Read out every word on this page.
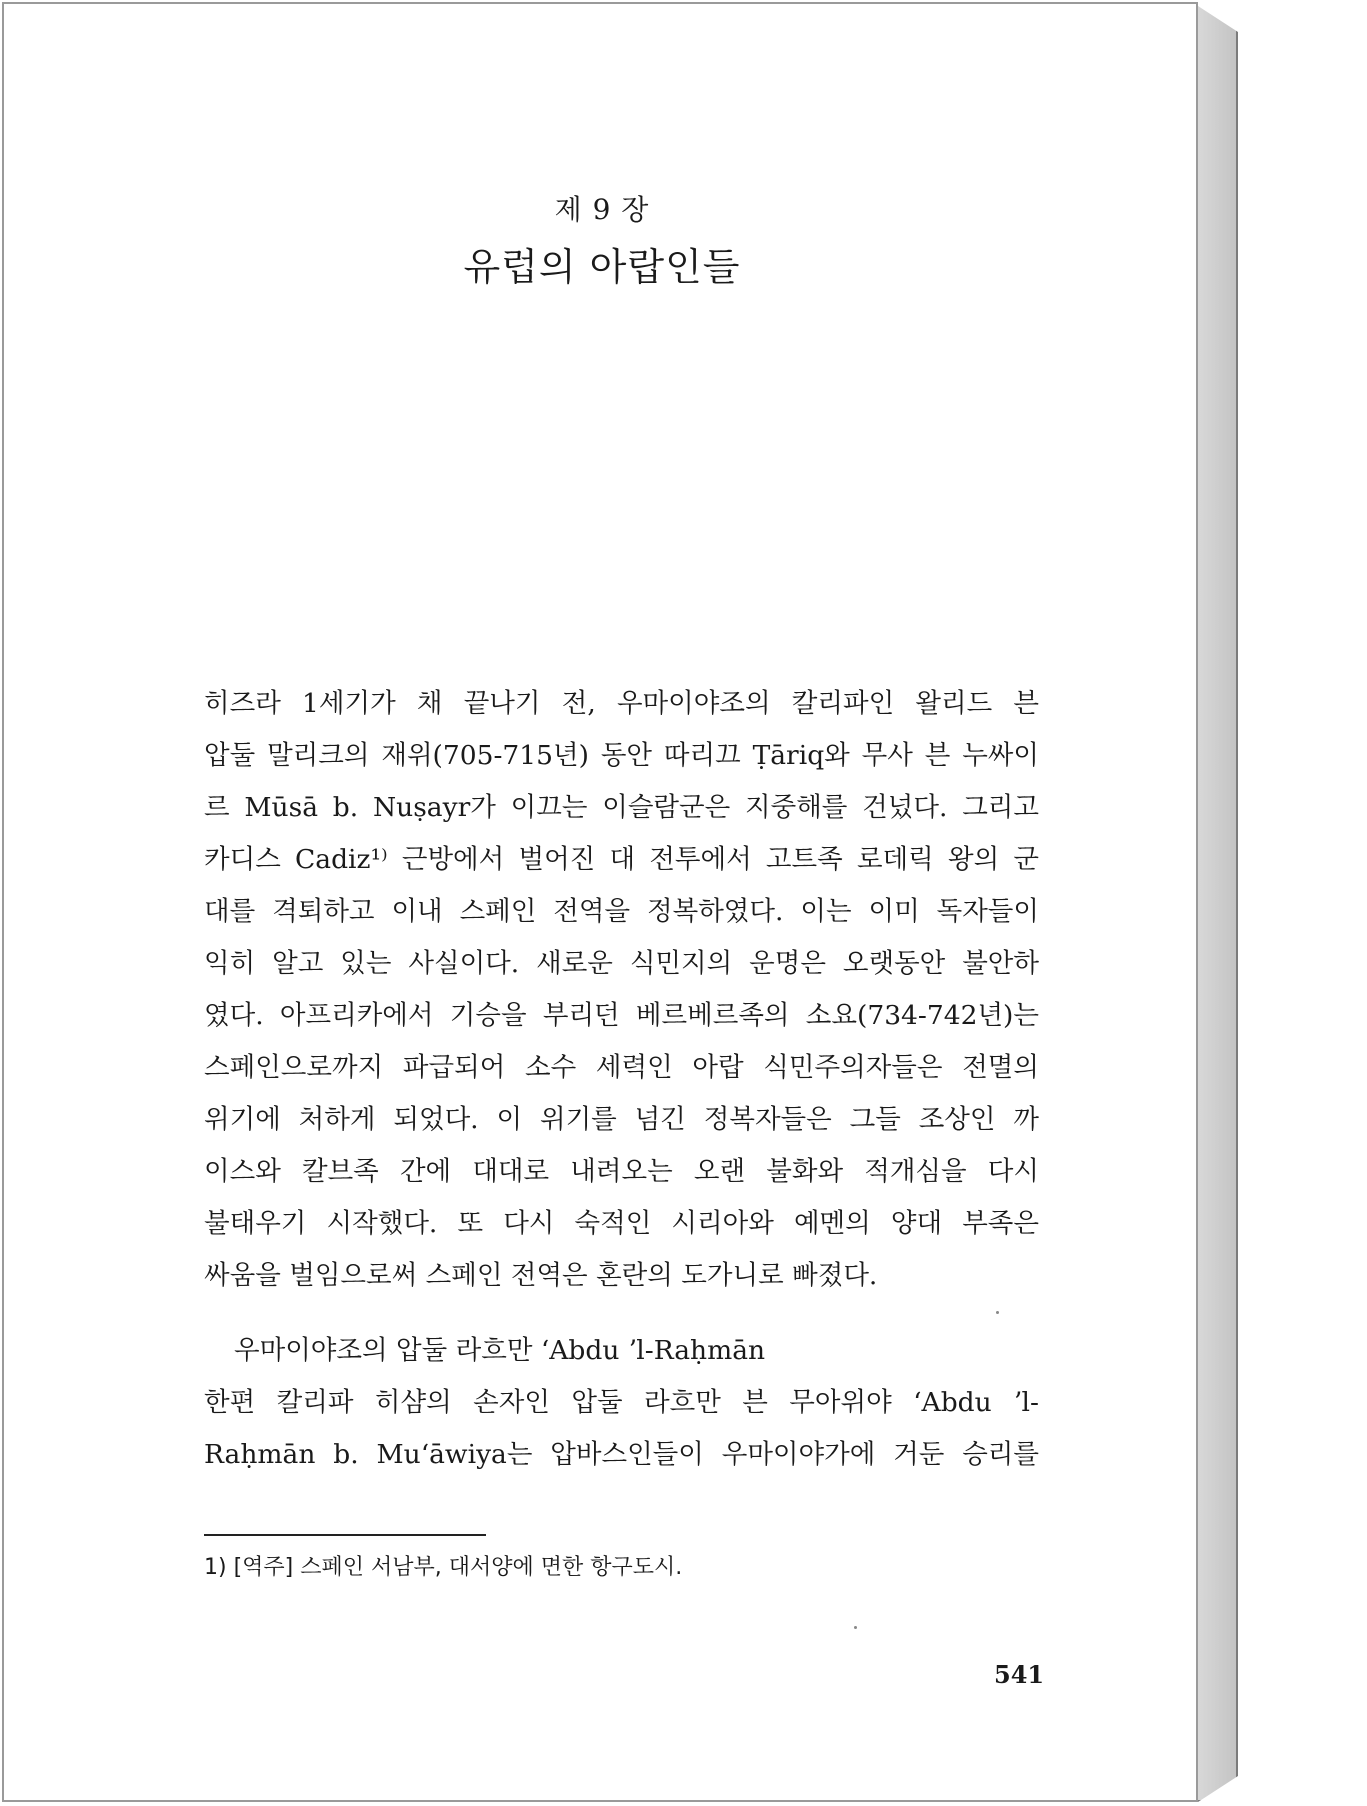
제 9 장
유럽의 아랍인들
히즈라 1세기가 채 끝나기 전, 우마이야조의 칼리파인 왈리드 븐
압둘 말리크의 재위(705-715년) 동안 따리끄 Ṭāriq와 무사 븐 누싸이
르 Mūsā b. Nuṣayr가 이끄는 이슬람군은 지중해를 건넜다. 그리고
카디스 Cadiz¹⁾ 근방에서 벌어진 대 전투에서 고트족 로데릭 왕의 군
대를 격퇴하고 이내 스페인 전역을 정복하였다. 이는 이미 독자들이
익히 알고 있는 사실이다. 새로운 식민지의 운명은 오랫동안 불안하
였다. 아프리카에서 기승을 부리던 베르베르족의 소요(734-742년)는
스페인으로까지 파급되어 소수 세력인 아랍 식민주의자들은 전멸의
위기에 처하게 되었다. 이 위기를 넘긴 정복자들은 그들 조상인 까
이스와 칼브족 간에 대대로 내려오는 오랜 불화와 적개심을 다시
불태우기 시작했다. 또 다시 숙적인 시리아와 예멘의 양대 부족은
싸움을 벌임으로써 스페인 전역은 혼란의 도가니로 빠졌다.
우마이야조의 압둘 라흐만 ʻAbdu ʼl-Raḥmān
한편 칼리파 히샴의 손자인 압둘 라흐만 븐 무아위야 ʻAbdu ʼl-
Raḥmān b. Muʻāwiya는 압바스인들이 우마이야가에 거둔 승리를
1) [역주] 스페인 서남부, 대서양에 면한 항구도시.
541
